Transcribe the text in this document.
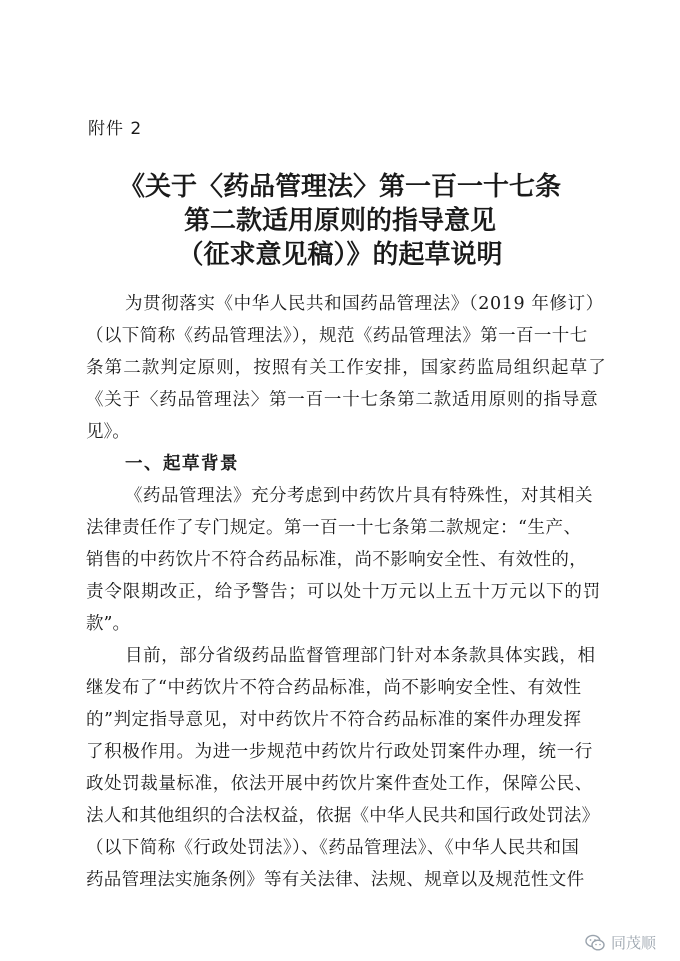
附件 2
《关于〈药品管理法〉第一百一十七条
第二款适用原则的指导意见
（征求意见稿）》的起草说明

为贯彻落实《中华人民共和国药品管理法》（2019 年修订）

（以下简称《药品管理法》），规范《药品管理法》第一百一十七

条第二款判定原则，按照有关工作安排，国家药监局组织起草了

《关于〈药品管理法〉第一百一十七条第二款适用原则的指导意

见》。

一、起草背景

《药品管理法》充分考虑到中药饮片具有特殊性，对其相关

法律责任作了专门规定。第一百一十七条第二款规定：“生产、

销售的中药饮片不符合药品标准，尚不影响安全性、有效性的，

责令限期改正，给予警告；可以处十万元以上五十万元以下的罚

款”。

目前，部分省级药品监督管理部门针对本条款具体实践，相

继发布了“中药饮片不符合药品标准，尚不影响安全性、有效性

的”判定指导意见，对中药饮片不符合药品标准的案件办理发挥

了积极作用。为进一步规范中药饮片行政处罚案件办理，统一行

政处罚裁量标准，依法开展中药饮片案件查处工作，保障公民、

法人和其他组织的合法权益，依据《中华人民共和国行政处罚法》

（以下简称《行政处罚法》）、《药品管理法》、《中华人民共和国

药品管理法实施条例》等有关法律、法规、规章以及规范性文件

同茂顺
